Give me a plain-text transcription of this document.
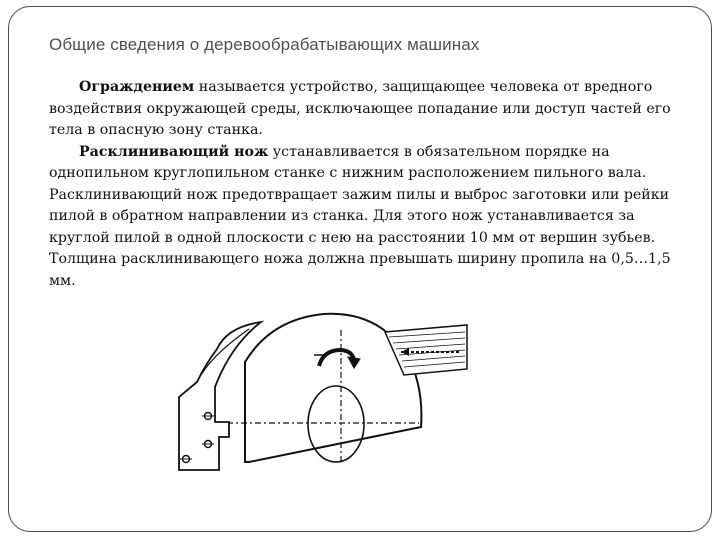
Общие сведения о деревообрабатывающих машинах

Ограждением называется устройство, защищающее человека от вредного воздействия окружающей среды, исключающее попадание или доступ частей его тела в опасную зону станка.

Расклинивающий нож устанавливается в обязательном порядке на однопильном круглопильном станке с нижним расположением пильного вала. Расклинивающий нож предотвращает зажим пилы и выброс заготовки или рейки пилой в обратном направлении из станка. Для этого нож устанавливается за круглой пилой в одной плоскости с нею на расстоянии 10 мм от вершин зубьев. Толщина расклинивающего ножа должна превышать ширину пропила на 0,5…1,5 мм.
